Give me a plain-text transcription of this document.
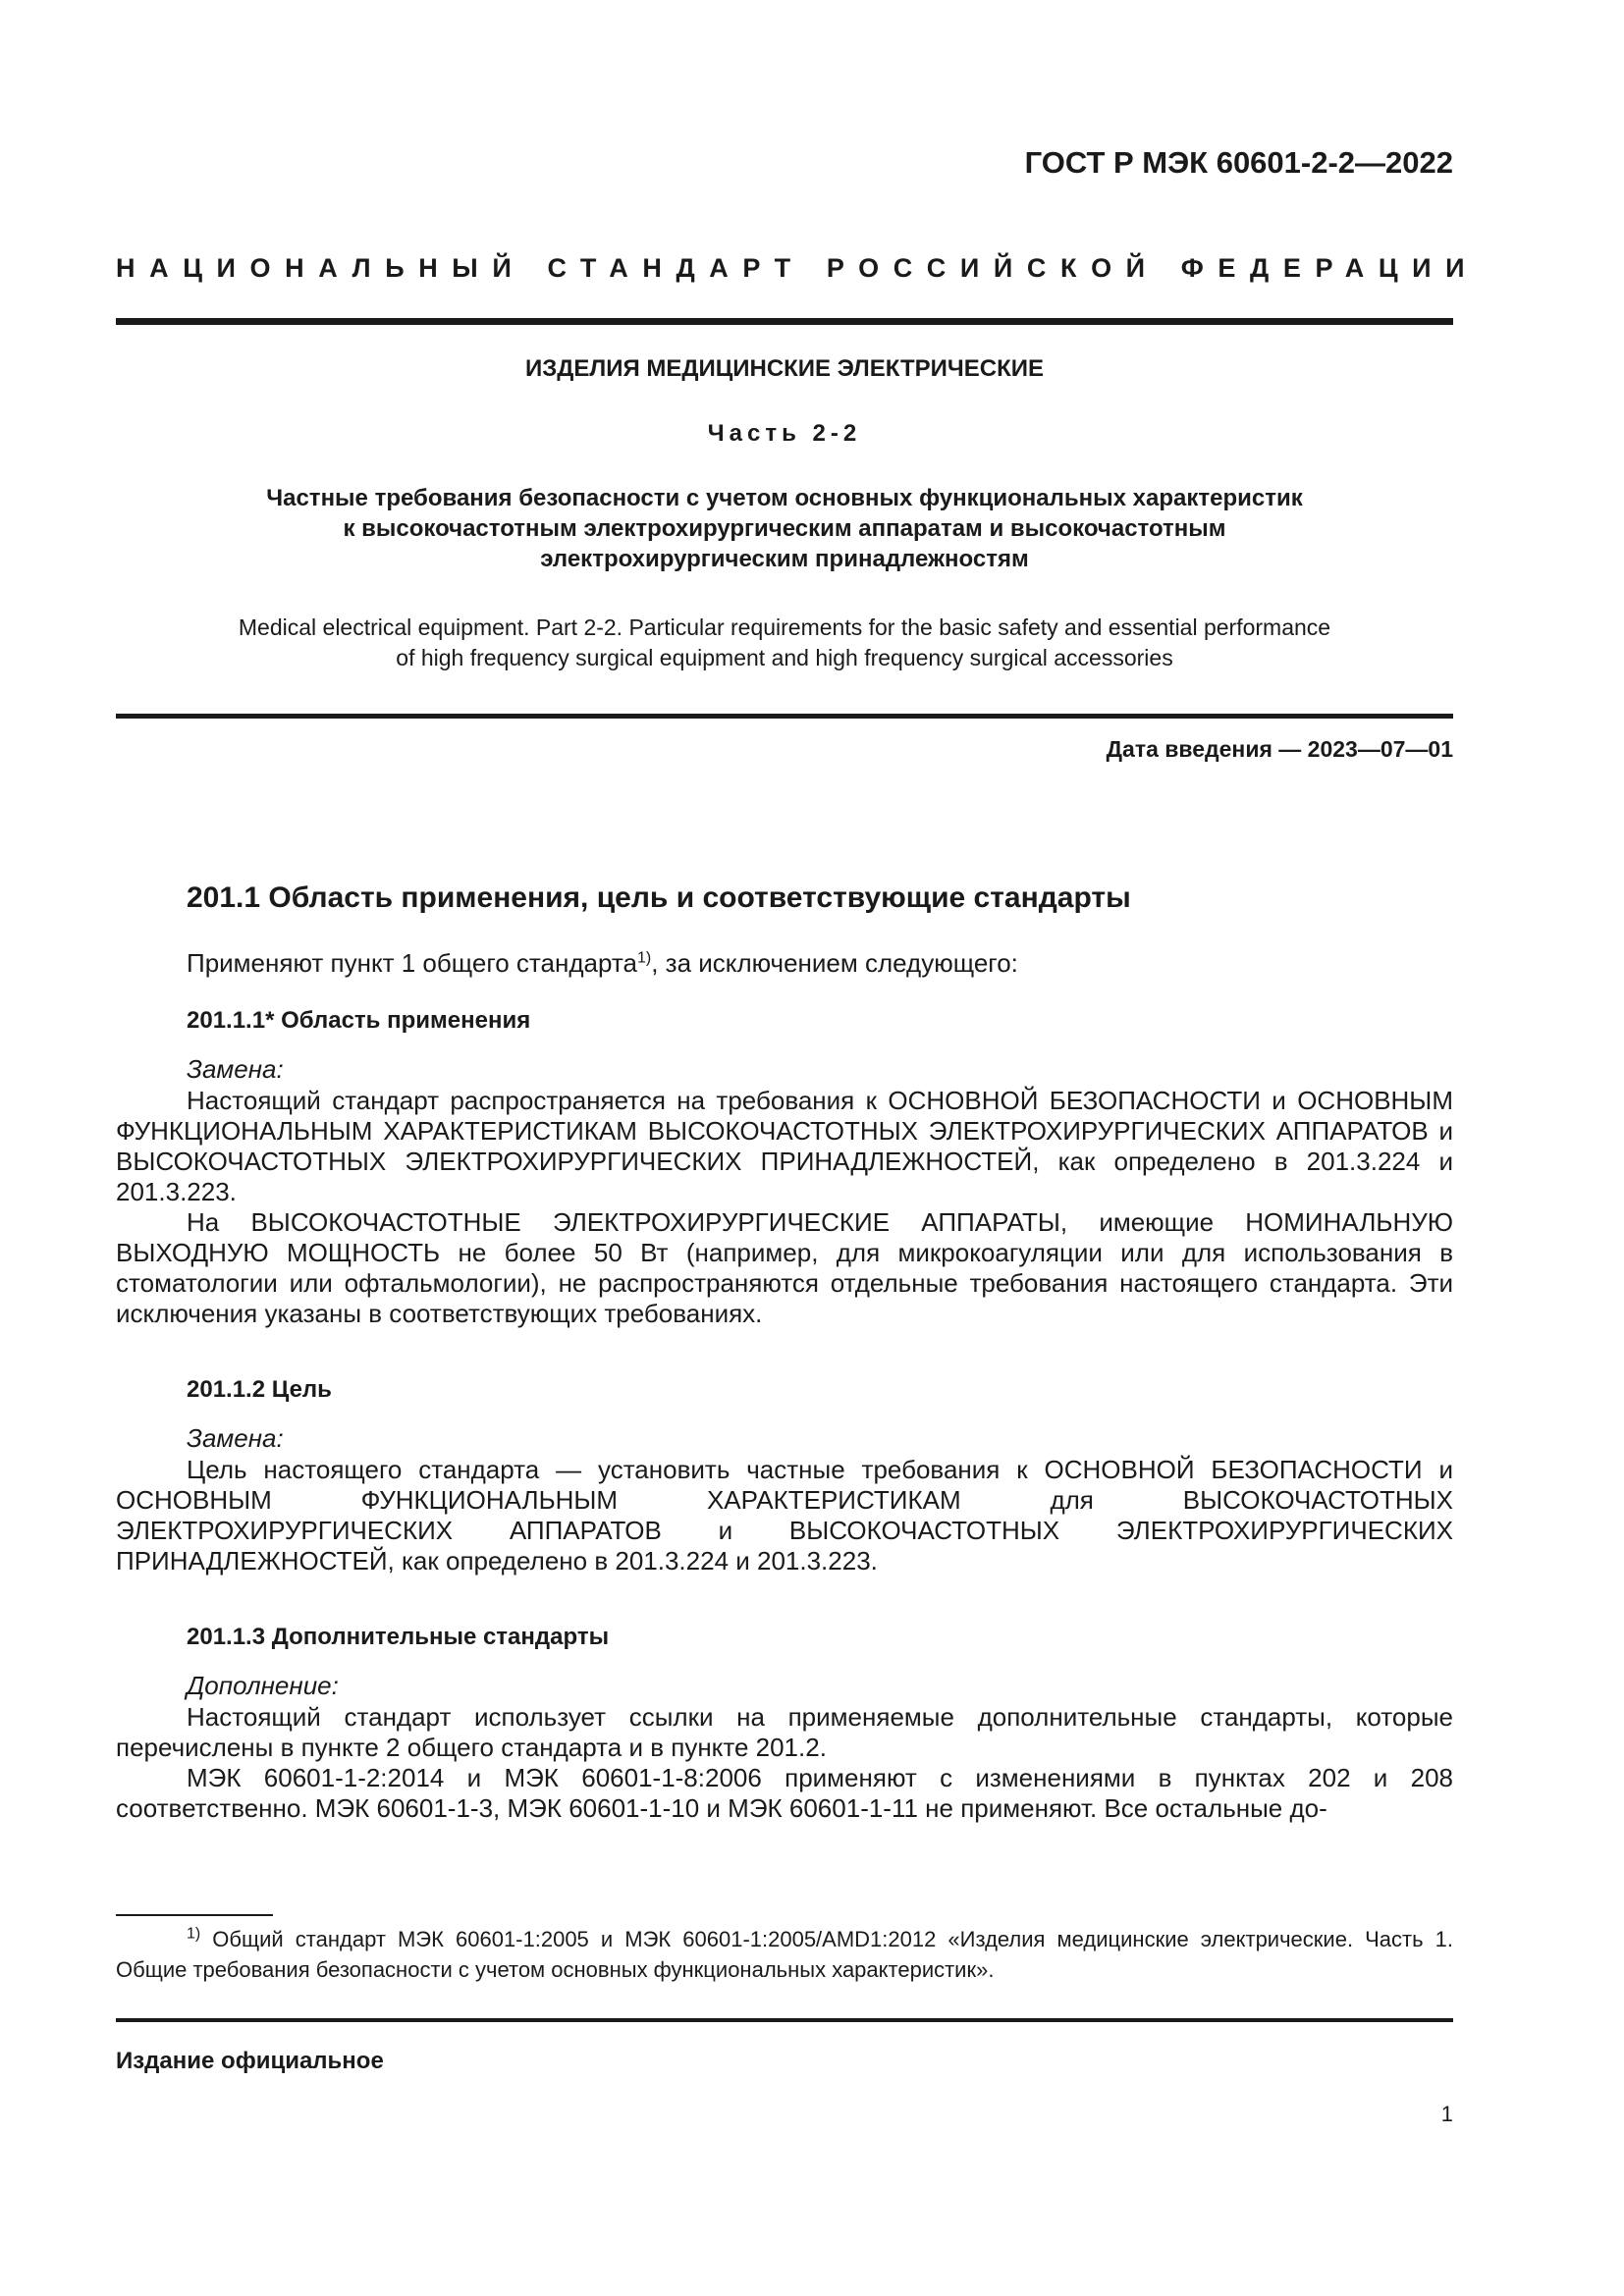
ГОСТ Р МЭК 60601-2-2—2022
НАЦИОНАЛЬНЫЙ СТАНДАРТ РОССИЙСКОЙ ФЕДЕРАЦИИ
ИЗДЕЛИЯ МЕДИЦИНСКИЕ ЭЛЕКТРИЧЕСКИЕ
Часть 2-2
Частные требования безопасности с учетом основных функциональных характеристик
к высокочастотным электрохирургическим аппаратам и высокочастотным
электрохирургическим принадлежностям
Medical electrical equipment. Part 2-2. Particular requirements for the basic safety and essential performance
of high frequency surgical equipment and high frequency surgical accessories
Дата введения — 2023—07—01
201.1 Область применения, цель и соответствующие стандарты
Применяют пункт 1 общего стандарта$^{1)}$, за исключением следующего:
201.1.1* Область применения
Замена:

Настоящий стандарт распространяется на требования к ОСНОВНОЙ БЕЗОПАСНОСТИ и ОСНОВНЫМ ФУНКЦИОНАЛЬНЫМ ХАРАКТЕРИСТИКАМ ВЫСОКОЧАСТОТНЫХ ЭЛЕКТРОХИРУРГИЧЕСКИХ АППАРАТОВ и ВЫСОКОЧАСТОТНЫХ ЭЛЕКТРОХИРУРГИЧЕСКИХ ПРИНАДЛЕЖНОСТЕЙ, как определено в 201.3.224 и 201.3.223.

На ВЫСОКОЧАСТОТНЫЕ ЭЛЕКТРОХИРУРГИЧЕСКИЕ АППАРАТЫ, имеющие НОМИНАЛЬНУЮ ВЫХОДНУЮ МОЩНОСТЬ не более 50 Вт (например, для микрокоагуляции или для использования в стоматологии или офтальмологии), не распространяются отдельные требования настоящего стандарта. Эти исключения указаны в соответствующих требованиях.

201.1.2 Цель
Замена:

Цель настоящего стандарта — установить частные требования к ОСНОВНОЙ БЕЗОПАСНОСТИ и ОСНОВНЫМ ФУНКЦИОНАЛЬНЫМ ХАРАКТЕРИСТИКАМ для ВЫСОКОЧАСТОТНЫХ ЭЛЕКТРОХИРУРГИЧЕСКИХ АППАРАТОВ и ВЫСОКОЧАСТОТНЫХ ЭЛЕКТРОХИРУРГИЧЕСКИХ ПРИНАДЛЕЖНОСТЕЙ, как определено в 201.3.224 и 201.3.223.

201.1.3 Дополнительные стандарты
Дополнение:

Настоящий стандарт использует ссылки на применяемые дополнительные стандарты, которые перечислены в пункте 2 общего стандарта и в пункте 201.2.

МЭК 60601-1-2:2014 и МЭК 60601-1-8:2006 применяют с изменениями в пунктах 202 и 208 соответственно. МЭК 60601-1-3, МЭК 60601-1-10 и МЭК 60601-1-11 не применяют. Все остальные до-

$^{1)}$ Общий стандарт МЭК 60601-1:2005 и МЭК 60601-1:2005/AMD1:2012 «Изделия медицинские электрические. Часть 1. Общие требования безопасности с учетом основных функциональных характеристик».
Издание официальное
1
